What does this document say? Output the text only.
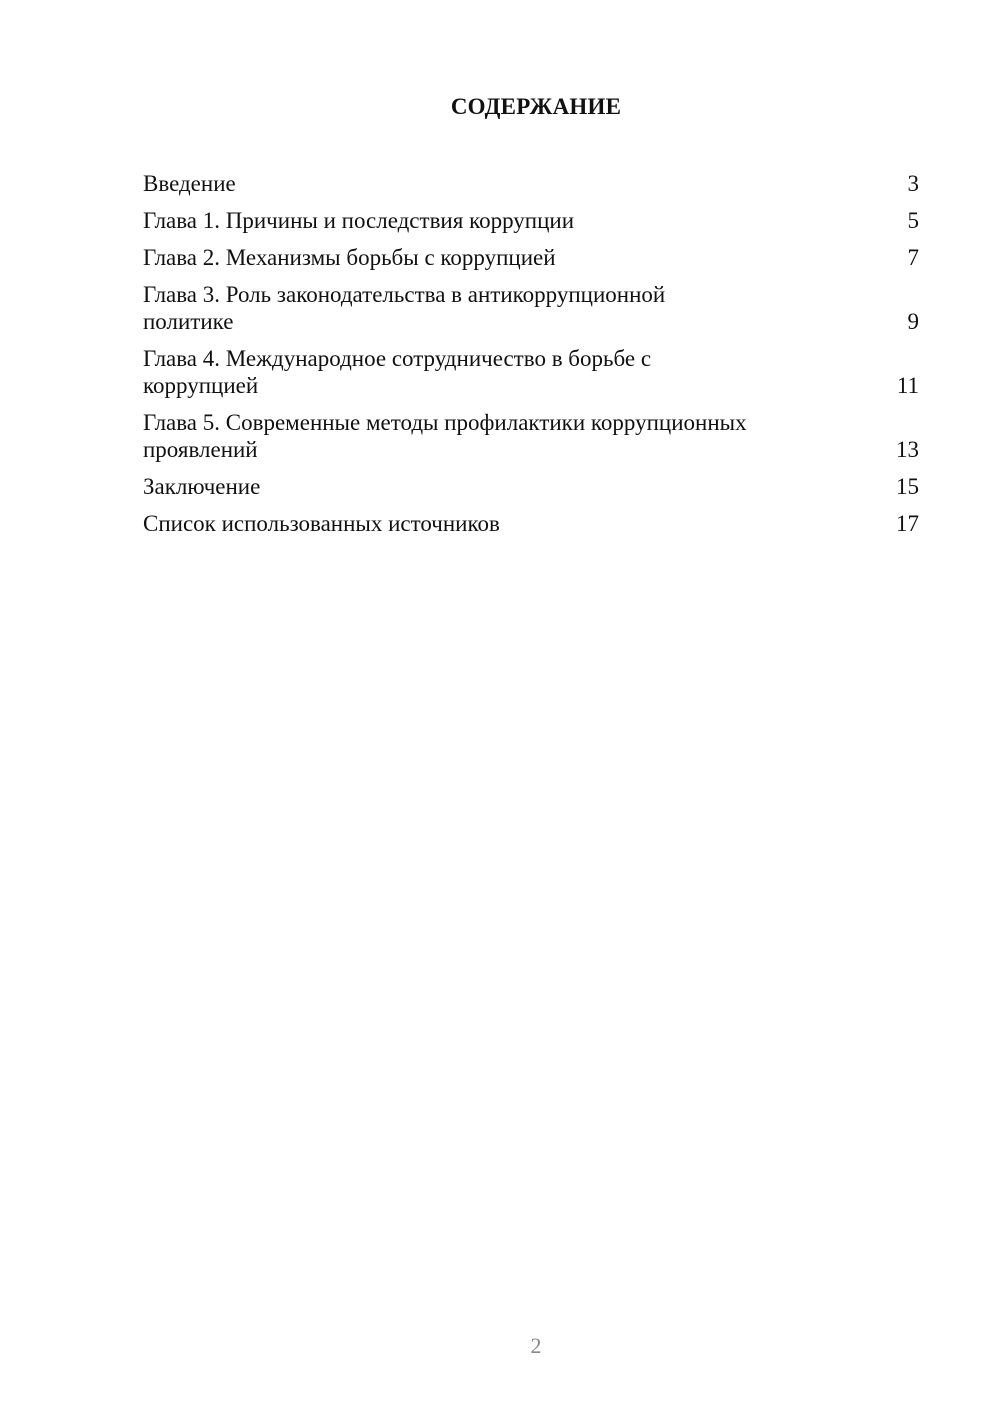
СОДЕРЖАНИЕ
Введение	3
Глава 1. Причины и последствия коррупции	5
Глава 2. Механизмы борьбы с коррупцией	7
Глава 3. Роль законодательства в антикоррупционной
политике	9
Глава 4. Международное сотрудничество в борьбе с
коррупцией	11
Глава 5. Современные методы профилактики коррупционных
проявлений	13
Заключение	15
Список использованных источников	17
2
